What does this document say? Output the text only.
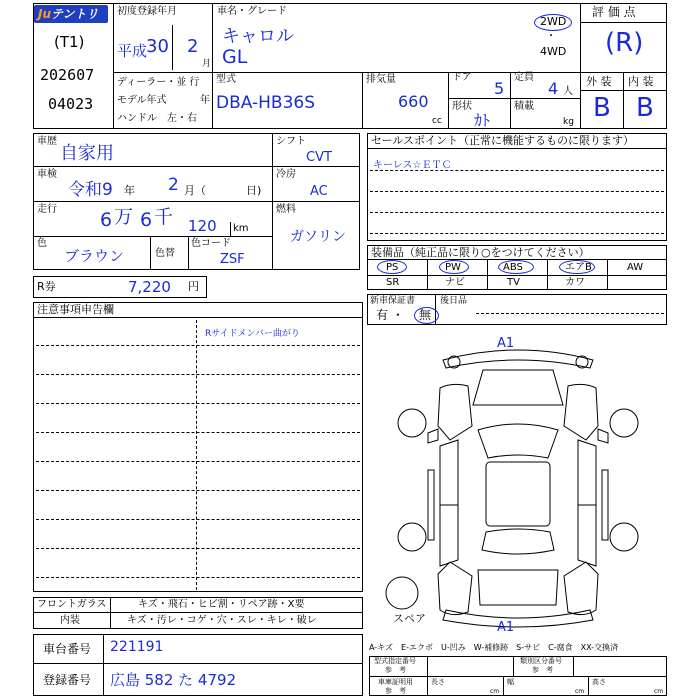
Juテントリ
(T1)
202607
04023
初度登録年月
平成
30 2
月
ディーラー・並 行
モデル年式	年
ハンドル　左・右
車名・グレード
キャロル
GL
2WD
・
4WD
型式
DBA-HB36S
排気量
660
cc
ドア
5
定員
4 人
形状
ｶﾄ
積載
kg
評 価 点
(R)
外 装 内 装
B B
車歴
自家用
車検
令和9 年 2 月（	日)
走行 6 万 6 千 120 km
色
ブラウン	色替
色コード
ZSF
シフト
CVT
冷房
AC
燃料
ガソリン
R券	7,220 円
セールスポイント（正常に機能するものに限ります）
キーレス☆ＥＴＣ
装備品（純正品に限り○をつけてください）
PS	PW	ABS	エアB	AW
SR	ナビ	TV	カワ
新車保証書
有 ・ 無
後日品
注意事項申告欄
Rサイドメンバー曲がり
A1
A1
スペア
フロントガラス	キズ・飛石・ヒビ割・リペア跡・X要
内装	キズ・汚レ・コゲ・穴・スレ・キレ・破レ
車台番号 221191
登録番号 広島 582 た 4792
A-キズ　E-エクボ　U-凹み　W-補修跡　S-サビ　C-腐食　XX-交換済
型式指定番号
参　考
類別区分番号
参　考
車庫証明用
参　考
長さ
cm
幅
cm
高さ
cm
